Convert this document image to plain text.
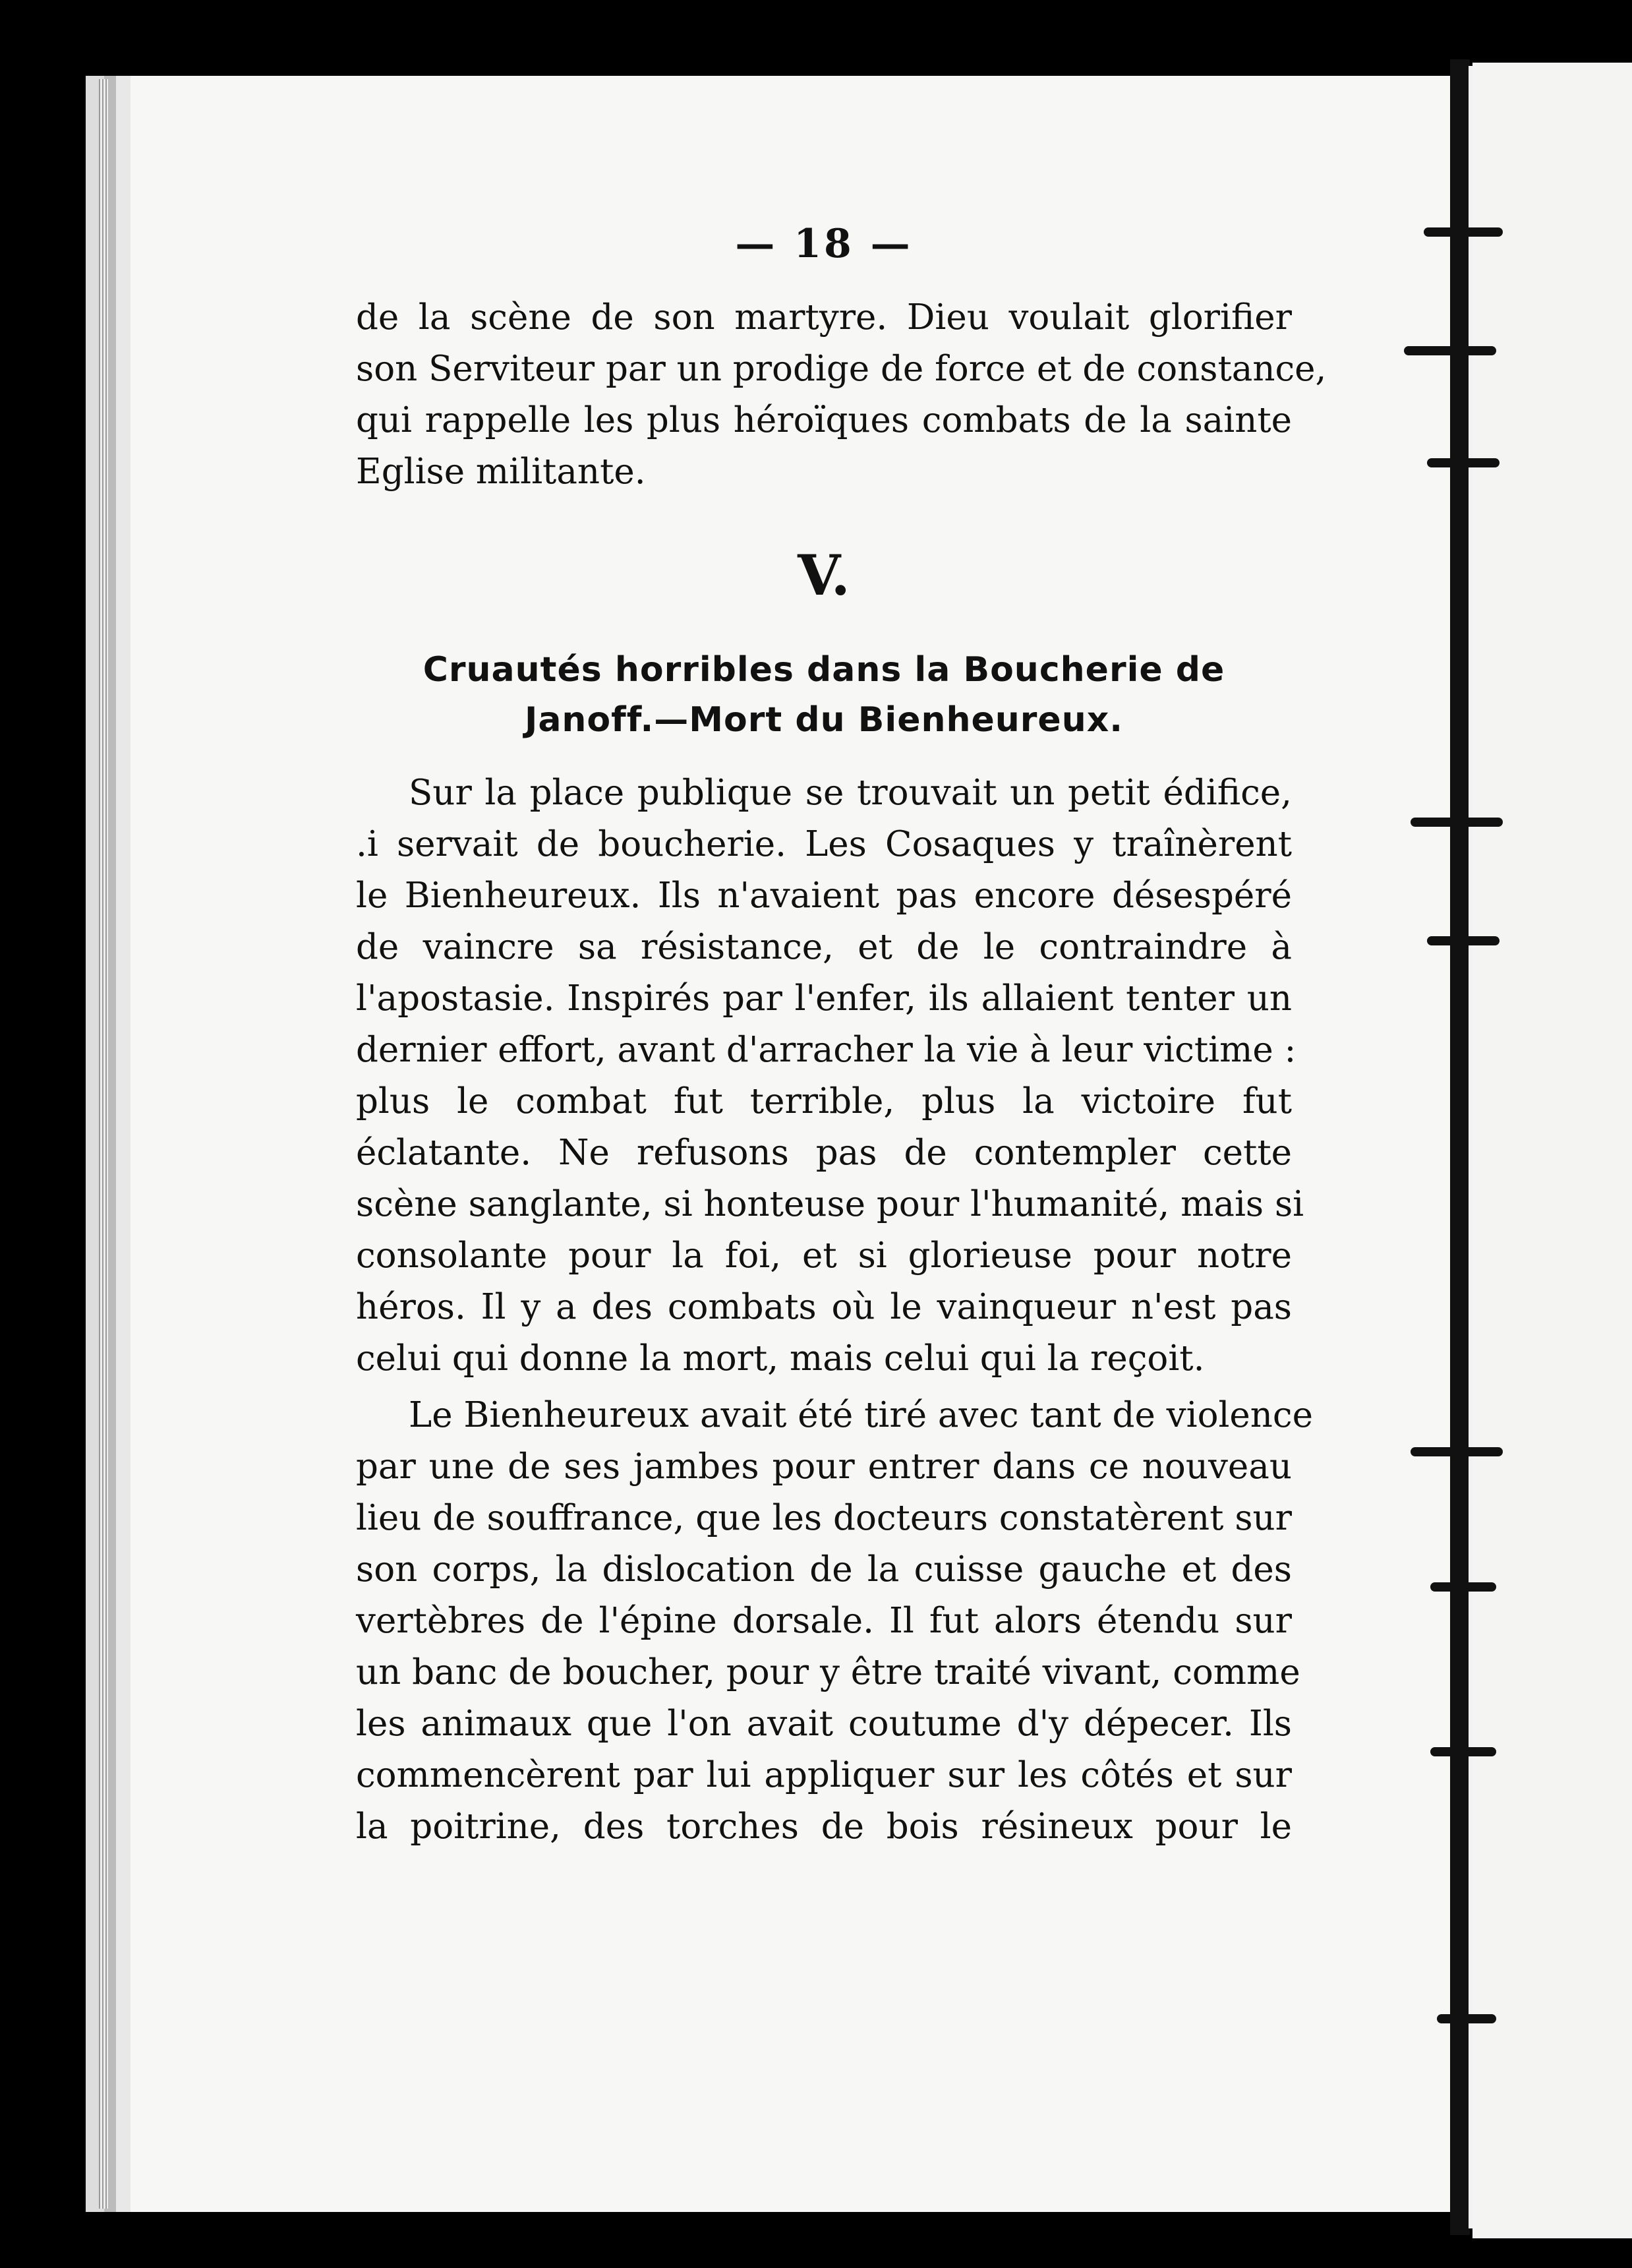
— 18 —
de la scène de son martyre. Dieu voulait glorifier
son Serviteur par un prodige de force et de constance,
qui rappelle les plus héroïques combats de la sainte
Eglise militante.
V.
Cruautés horribles dans la Boucherie de
Janoff.—Mort du Bienheureux.
Sur la place publique se trouvait un petit édifice,
.i servait de boucherie. Les Cosaques y traînèrent
le Bienheureux. Ils n'avaient pas encore désespéré
de vaincre sa résistance, et de le contraindre à
l'apostasie. Inspirés par l'enfer, ils allaient tenter un
dernier effort, avant d'arracher la vie à leur victime :
plus le combat fut terrible, plus la victoire fut
éclatante. Ne refusons pas de contempler cette
scène sanglante, si honteuse pour l'humanité, mais si
consolante pour la foi, et si glorieuse pour notre
héros. Il y a des combats où le vainqueur n'est pas
celui qui donne la mort, mais celui qui la reçoit.
Le Bienheureux avait été tiré avec tant de violence
par une de ses jambes pour entrer dans ce nouveau
lieu de souffrance, que les docteurs constatèrent sur
son corps, la dislocation de la cuisse gauche et des
vertèbres de l'épine dorsale. Il fut alors étendu sur
un banc de boucher, pour y être traité vivant, comme
les animaux que l'on avait coutume d'y dépecer. Ils
commencèrent par lui appliquer sur les côtés et sur
la poitrine, des torches de bois résineux pour le
